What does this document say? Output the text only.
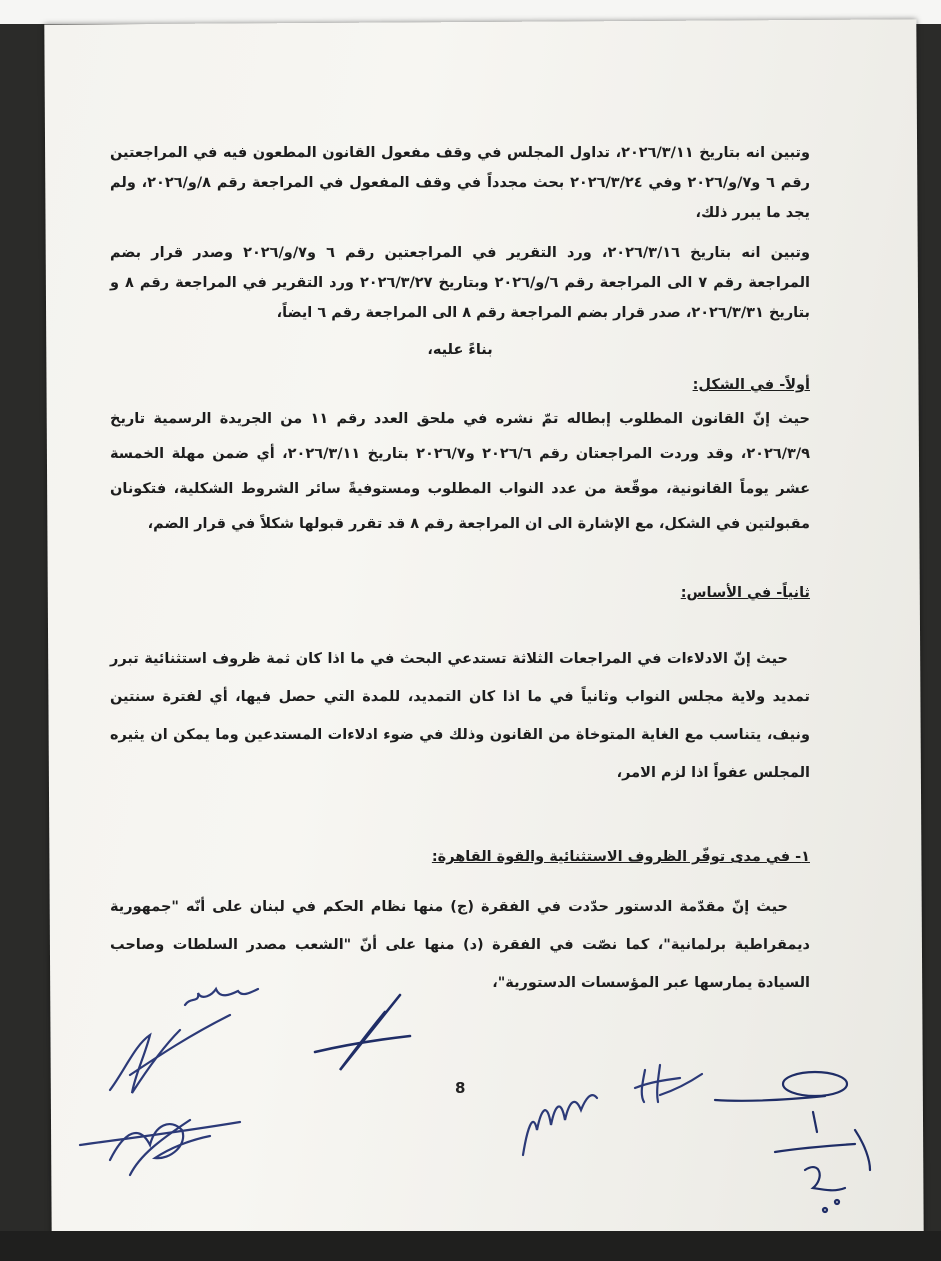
وتبين انه بتاريخ ٢٠٢٦/٣/١١، تداول المجلس في وقف مفعول القانون المطعون فيه في المراجعتين رقم ٦ و٧/و/٢٠٢٦ وفي ٢٠٢٦/٣/٢٤ بحث مجدداً في وقف المفعول في المراجعة رقم ٨/و/٢٠٢٦، ولم يجد ما يبرر ذلك،

وتبين انه بتاريخ ٢٠٢٦/٣/١٦، ورد التقرير في المراجعتين رقم ٦ و٧/و/٢٠٢٦ وصدر قرار بضم المراجعة رقم ٧ الى المراجعة رقم ٦/و/٢٠٢٦ وبتاريخ ٢٠٢٦/٣/٢٧ ورد التقرير في المراجعة رقم ٨ و بتاريخ ٢٠٢٦/٣/٣١، صدر قرار بضم المراجعة رقم ٨ الى المراجعة رقم ٦ ايضاً،

بناءً عليه،

أولاً- في الشكل:

حيث إنّ القانون المطلوب إبطاله تمّ نشره في ملحق العدد رقم ١١ من الجريدة الرسمية تاريخ ٢٠٢٦/٣/٩، وقد وردت المراجعتان رقم ٢٠٢٦/٦ و٢٠٢٦/٧ بتاريخ ٢٠٢٦/٣/١١، أي ضمن مهلة الخمسة عشر يوماً القانونية، موقّعة من عدد النواب المطلوب ومستوفيةً سائر الشروط الشكلية، فتكونان مقبولتين في الشكل، مع الإشارة الى ان المراجعة رقم ٨ قد تقرر قبولها شكلاً في قرار الضم،

ثانياً- في الأساس:

حيث إنّ الادلاءات في المراجعات الثلاثة تستدعي البحث في ما اذا كان ثمة ظروف استثنائية تبرر تمديد ولاية مجلس النواب وثانياً في ما اذا كان التمديد، للمدة التي حصل فيها، أي لفترة سنتين ونيف، يتناسب مع الغاية المتوخاة من القانون وذلك في ضوء ادلاءات المستدعين وما يمكن ان يثيره المجلس عفواً اذا لزم الامر،

١- في مدى توفّر الظروف الاستثنائية والقوة القاهرة:

حيث إنّ مقدّمة الدستور حدّدت في الفقرة (ج) منها نظام الحكم في لبنان على أنّه "جمهورية ديمقراطية برلمانية"، كما نصّت في الفقرة (د) منها على أنّ "الشعب مصدر السلطات وصاحب السيادة يمارسها عبر المؤسسات الدستورية"،

8
